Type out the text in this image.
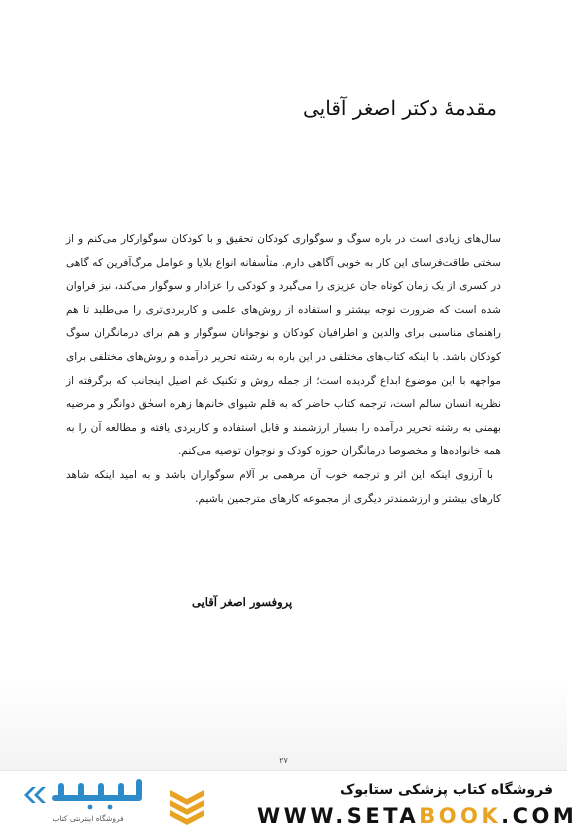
مقدمهٔ دکتر اصغر آقایی

سال‌های زیادی است در باره سوگ و سوگواری کودکان تحقیق و با کودکان سوگوارکار می‌کنم و از سختی طاقت‌فرسای این کار به خوبی آگاهی دارم. متأسفانه انواع بلایا و عوامل مرگ‌آفرین که گاهی در کسری از یک زمان کوتاه جان عزیزی را می‌گیرد و کودکی را عزادار و سوگوار می‌کند، نیز فراوان شده است که ضرورت توجه بیشتر و استفاده از روش‌های علمی و کاربردی‌تری را می‌طلبد تا هم راهنمای مناسبی برای والدین و اطرافیان کودکان و نوجوانان سوگوار و هم برای درمانگران سوگ کودکان باشد. با اینکه کتاب‌های مختلفی در این باره به رشته تحریر درآمده و روش‌های مختلفی برای مواجهه با این موضوع ابداع گردیده است؛ از جمله روش و تکنیک غم اصیل اینجانب که برگرفته از نظریه انسان سالم است، ترجمه کتاب حاضر که به قلم شیوای خانم‌ها زهره اسحٰق دوانگر و مرضیه بهمنی به رشته تحریر درآمده را بسیار ارزشمند و قابل استفاده و کاربردی یافته و مطالعه آن را به همه خانواده‌ها و مخصوصا درمانگران حوزه کودک و نوجوان توصیه می‌کنم.

با آرزوی اینکه این اثر و ترجمه خوب آن مرهمی بر آلام سوگواران باشد و به امید اینکه شاهد کارهای بیشتر و ارزشمندتر دیگری از مجموعه کارهای مترجمین باشیم.

پروفسور اصغر آقایی
۲۷
فروشگاه کتاب پزشکی ستابوک
WWW.SETABOOK.COM
فروشگاه اینترنتی کتاب
